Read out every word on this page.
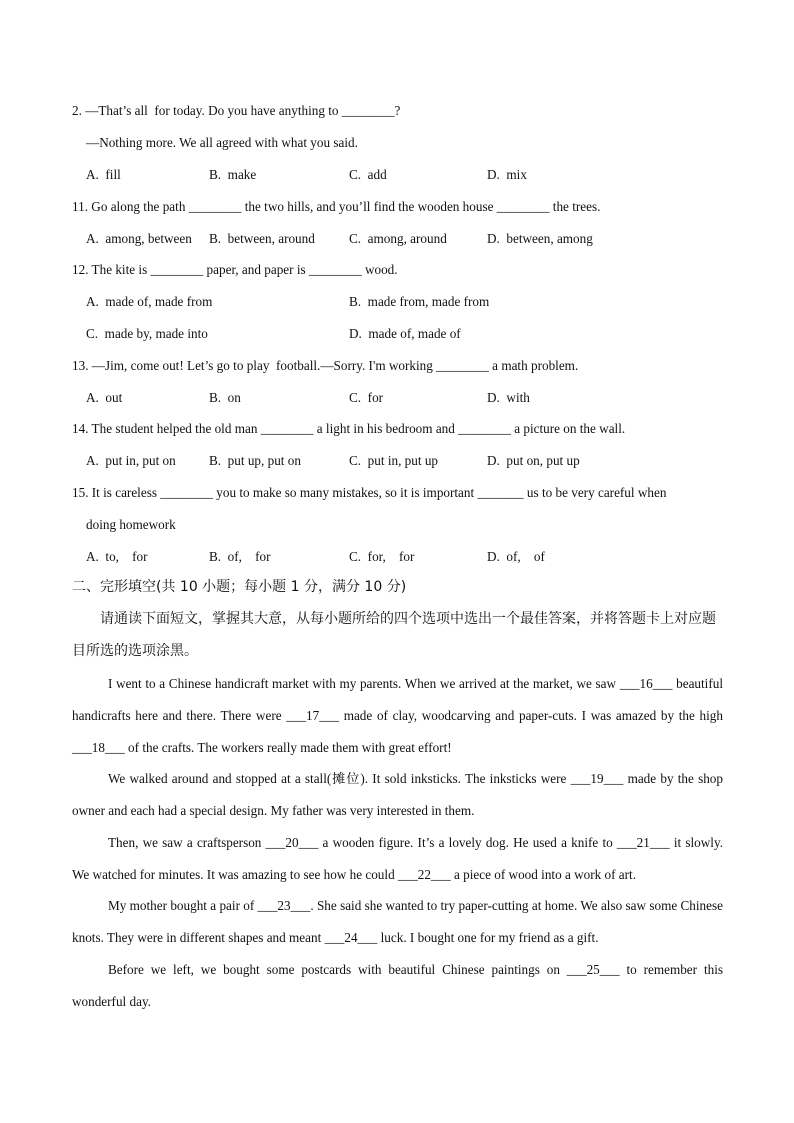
2. —That’s all  for today. Do you have anything to ________?
—Nothing more. We all agreed with what you said.
A.  fill	B.  make	C.  add	D.  mix
11. Go along the path ________ the two hills, and you’ll find the wooden house ________ the trees.
A.  among, between B.  between, around	C.  among, around	D.  between, among
12. The kite is ________ paper, and paper is ________ wood.
A.  made of, made from	B.  made from, made from
C.  made by, made into	D.  made of, made of
13. —Jim, come out! Let’s go to play  football.—Sorry. I'm working ________ a math problem.
A.  out	B.  on	C.  for	D.  with
14. The student helped the old man ________ a light in his bedroom and ________ a picture on the wall.
A.  put in, put on	B.  put up, put on	C.  put in, put up	D.  put on, put up
15. It is careless ________ you to make so many mistakes, so it is important _______ us to be very careful when
doing homework
A.  to,    for	B.  of,    for	C.  for,    for	D.  of,    of
二、完形填空(共 10 小题；每小题 1 分，满分 10 分)
请通读下面短文，掌握其大意，从每小题所给的四个选项中选出一个最佳答案，并将答题卡上对应题
目所选的选项涂黑。
I went to a Chinese handicraft market with my parents. When we arrived at the market, we saw ___16___ beautiful handicrafts here and there. There were ___17___ made of clay, woodcarving and paper-cuts. I was amazed by the high ___18___ of the crafts. The workers really made them with great effort!
We walked around and stopped at a stall(摊位). It sold inksticks. The inksticks were ___19___ made by the shop owner and each had a special design. My father was very interested in them.
Then, we saw a craftsperson ___20___ a wooden figure. It’s a lovely dog. He used a knife to ___21___ it slowly. We watched for minutes. It was amazing to see how he could ___22___ a piece of wood into a work of art.
My mother bought a pair of ___23___. She said she wanted to try paper-cutting at home. We also saw some Chinese knots. They were in different shapes and meant ___24___ luck. I bought one for my friend as a gift.
Before we left, we bought some postcards with beautiful Chinese paintings on ___25___ to remember this wonderful day.
